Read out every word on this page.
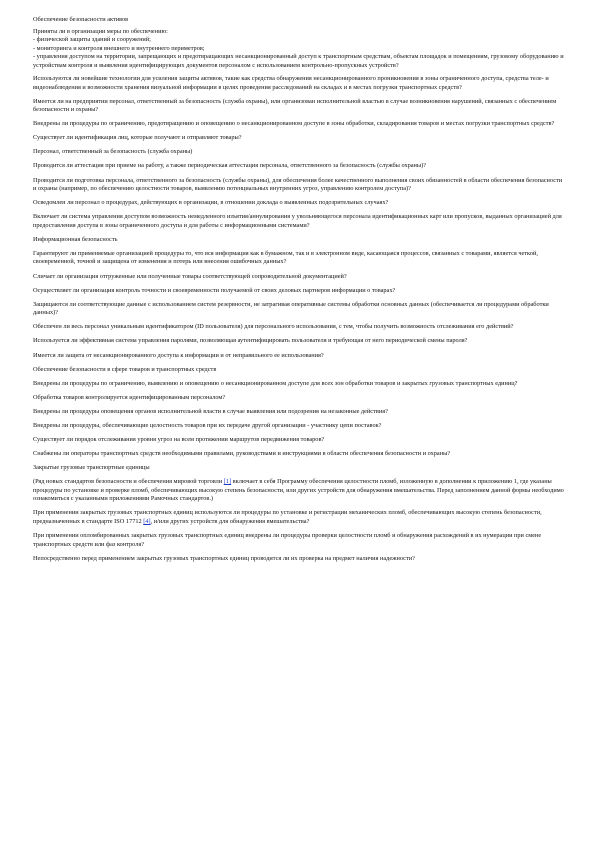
Обеспечение безопасности активов
Приняты ли в организации меры по обеспечению:
- физической защиты зданий и сооружений;
- мониторинга и контроля внешнего и внутреннего периметров;
- управления доступом на территории, запрещающих и предотвращающих несанкционированный доступ к транспортным средствам, объектам площадок и помещениям, грузовому оборудованию и устройствам контроля и выявления идентифицирующих документов персоналом с использованием контрольно-пропускных устройств?
Используются ли новейшие технологии для усиления защиты активов, такие как средства обнаружения несанкционированного проникновения в зоны ограниченного доступа, средства теле- и видеонаблюдения и возможности хранения визуальной информации в целях проведения расследований на складах и в местах погрузки транспортных средств?
Имеется ли на предприятии персонал, ответственный за безопасность (служба охраны), или организован исполнительной властью в случае возникновения нарушений, связанных с обеспечением безопасности и охраны?
Внедрены ли процедуры по ограничению, предотвращению и оповещению о несанкционированном доступе в зоны обработки, складирования товаров и местах погрузки транспортных средств?
Существует ли идентификация лиц, которые получают и отправляют товары?
Персонал, ответственный за безопасность (служба охраны)
Проводится ли аттестация при приеме на работу, а также периодическая аттестация персонала, ответственного за безопасность (службы охраны)?
Проводится ли подготовка персонала, ответственного за безопасность (службы охраны), для обеспечения более качественного выполнения своих обязанностей в области обеспечения безопасности и охраны (например, по обеспечению целостности товаров, выявлению потенциальных внутренних угроз, управлению контролем доступа)?
Осведомлен ли персонал о процедурах, действующих в организации, в отношении доклада о выявленных подозрительных случаях?
Включает ли система управления доступом возможность немедленного изъятия/аннулирования у увольняющегося персонала идентификационных карт или пропусков, выданных организацией для предоставления доступа в зоны ограниченного доступа и для работы с информационными системами?
Информационная безопасность
Гарантируют ли применяемые организацией процедуры то, что вся информация как в бумажном, так и в электронном виде, касающаяся процессов, связанных с товарами, является четкой, своевременной, точной и защищена от изменения и потерь или внесения ошибочных данных?
Сличает ли организация отгруженные или полученные товары соответствующей сопроводительной документацией?
Осуществляет ли организация контроль точности и своевременности получаемой от своих деловых партнеров информации о товарах?
Защищаются ли соответствующие данные с использованием систем резервности, не затрагивая оперативные системы обработки основных данных (обеспечивается ли процедурами обработки данных)?
Обеспечен ли весь персонал уникальным идентификатором (ID пользователя) для персонального использования, с тем, чтобы получить возможность отслеживания его действий?
Используется ли эффективная система управления паролями, позволяющая аутентифицировать пользователя и требующая от него периодической смены пароля?
Имеется ли защита от несанкционированного доступа к информации и от неправильного ее использования?
Обеспечение безопасности в сфере товаров и транспортных средств
Внедрены ли процедуры по ограничению, выявлению и оповещению о несанкционированном доступе для всех зон обработки товаров и закрытых грузовых транспортных единиц?
Обработка товаров контролируется идентифицированным персоналом?
Внедрены ли процедуры оповещения органов исполнительной власти в случае выявления или подозрения на незаконные действия?
Внедрены ли процедуры, обеспечивающие целостность товаров при их передаче другой организации - участнику цепи поставок?
Существует ли порядок отслеживания уровня угроз на всем протяжении маршрутов передвижения товаров?
Снабжены ли операторы транспортных средств необходимыми правилами, руководствами и инструкциями в области обеспечения безопасности и охраны?
Закрытые грузовые транспортные единицы
(Ряд новых стандартов безопасности и обеспечения мировой торговли [1] включает в себя Программу обеспечения целостности пломб, изложенную в дополнении к приложению 1, где указаны процедуры по установке и проверке пломб, обеспечивающих высокую степень безопасности, или других устройств для обнаружения вмешательства. Перед заполнением данной формы необходимо ознакомиться с указанными приложениями Рамочных стандартов.)
При применении закрытых грузовых транспортных единиц используются ли процедуры по установке и регистрации механических пломб, обеспечивающих высокую степень безопасности, предназначенных в стандарте ISO 17712 [4], и/или других устройств для обнаружения вмешательства?
При применении опломбированных закрытых грузовых транспортных единиц внедрены ли процедуры проверки целостности пломб и обнаружения расхождений в их нумерации при смене транспортных средств или фаз контроля?
Непосредственно перед применением закрытых грузовых транспортных единиц проводится ли их проверка на предмет наличия надежности?
